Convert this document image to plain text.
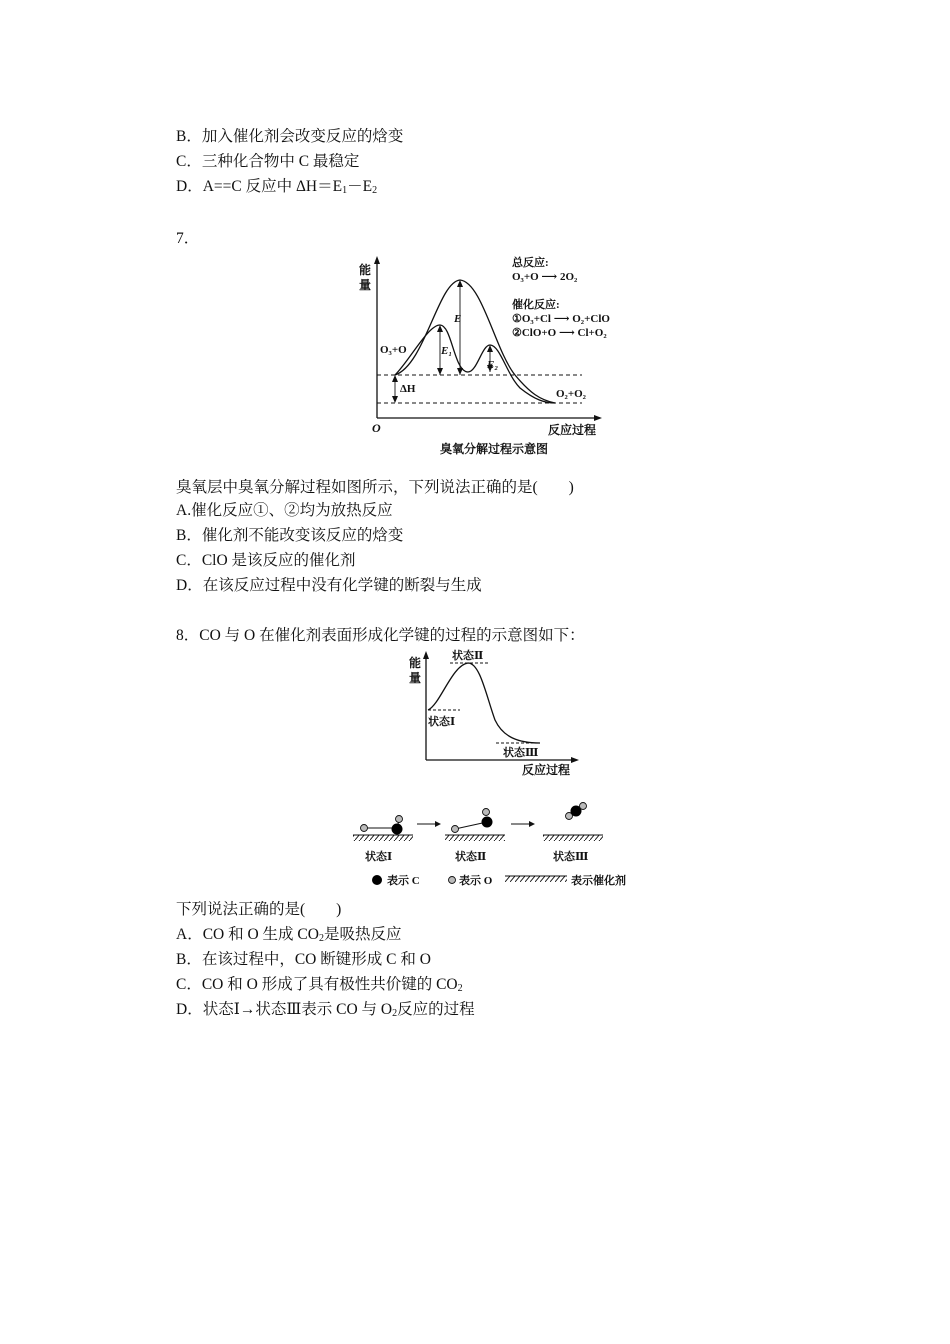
B．加入催化剂会改变反应的焓变
C．三种化合物中 C 最稳定
D．A==C 反应中 $\Delta H=E_1-E_2$
7．
能
量
O	反应过程
E
E₁
E₂
ΔH
O₃+O
O₂+O₂
总反应:
O₃+O ⟶ 2O₂
催化反应:
①O₃+Cl ⟶ O₂+ClO
②ClO+O ⟶ Cl+O₂
臭氧分解过程示意图
臭氧层中臭氧分解过程如图所示，下列说法正确的是(　　)
A.催化反应①、②均为放热反应
B．催化剂不能改变该反应的焓变
C．ClO 是该反应的催化剂
D．在该反应过程中没有化学键的断裂与生成
8．CO 与 O 在催化剂表面形成化学键的过程的示意图如下：
能
量
状态Ⅱ
状态Ⅰ
状态Ⅲ
反应过程
状态Ⅰ	状态Ⅱ	状态Ⅲ
表示 C	表示 O	表示催化剂
下列说法正确的是(　　)
A．CO 和 O 生成 $CO_2$是吸热反应
B．在该过程中，CO 断键形成 C 和 O
C．CO 和 O 形成了具有极性共价键的 $CO_2$
D．状态Ⅰ→状态Ⅲ表示 CO 与 $O_2$反应的过程
